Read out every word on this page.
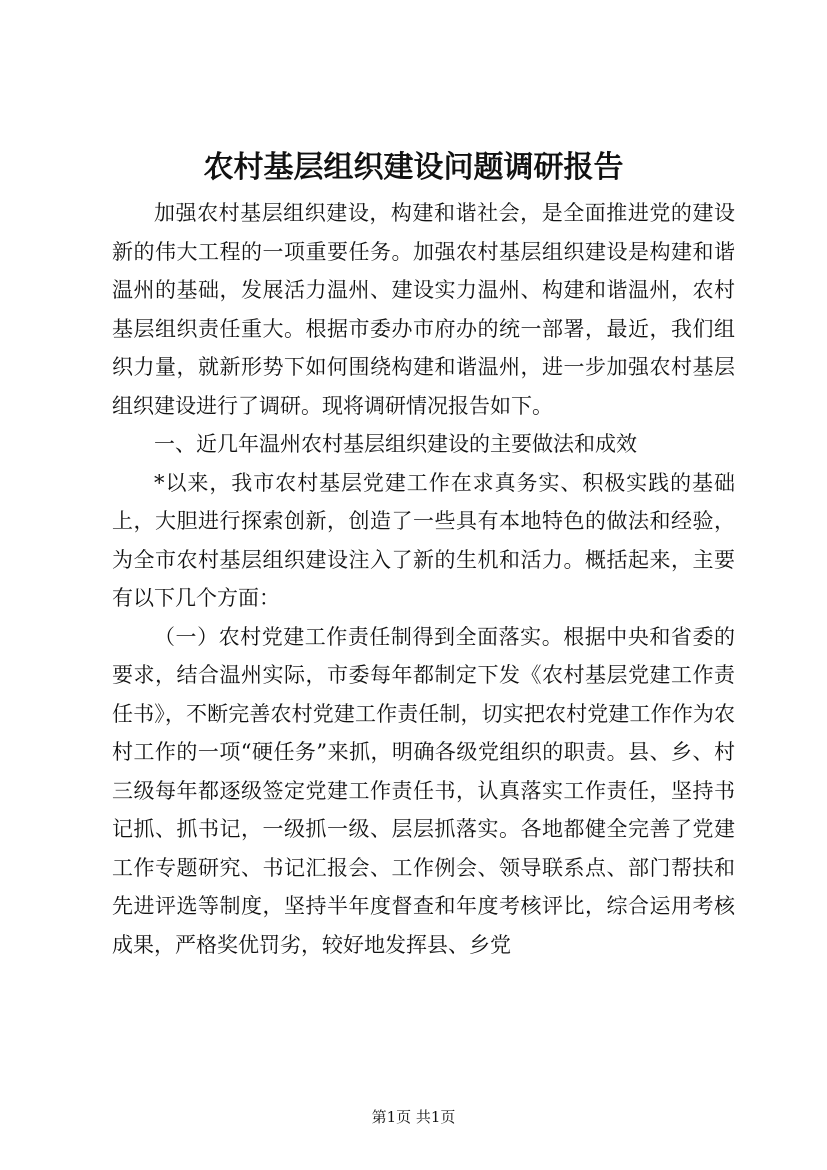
农村基层组织建设问题调研报告

加强农村基层组织建设，构建和谐社会，是全面推进党的建设新的伟大工程的一项重要任务。加强农村基层组织建设是构建和谐温州的基础，发展活力温州、建设实力温州、构建和谐温州，农村基层组织责任重大。根据市委办市府办的统一部署，最近，我们组织力量，就新形势下如何围绕构建和谐温州，进一步加强农村基层组织建设进行了调研。现将调研情况报告如下。

一、近几年温州农村基层组织建设的主要做法和成效

*以来，我市农村基层党建工作在求真务实、积极实践的基础上，大胆进行探索创新，创造了一些具有本地特色的做法和经验，为全市农村基层组织建设注入了新的生机和活力。概括起来，主要有以下几个方面：

（一）农村党建工作责任制得到全面落实。根据中央和省委的要求，结合温州实际，市委每年都制定下发《农村基层党建工作责任书》，不断完善农村党建工作责任制，切实把农村党建工作作为农村工作的一项“硬任务”来抓，明确各级党组织的职责。县、乡、村三级每年都逐级签定党建工作责任书，认真落实工作责任，坚持书记抓、抓书记，一级抓一级、层层抓落实。各地都健全完善了党建工作专题研究、书记汇报会、工作例会、领导联系点、部门帮扶和先进评选等制度，坚持半年度督查和年度考核评比，综合运用考核成果，严格奖优罚劣，较好地发挥县、乡党

第1页 共1页
